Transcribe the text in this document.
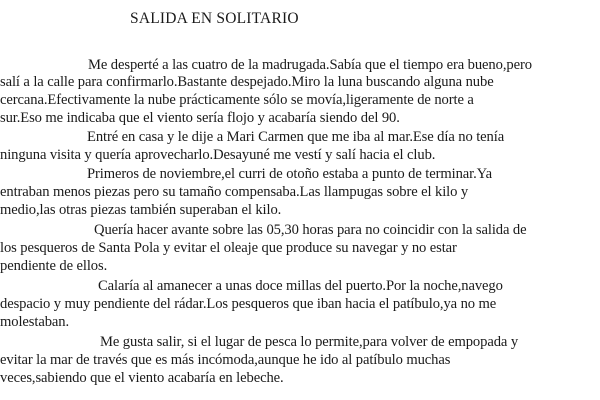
SALIDA EN SOLITARIO
Me desperté a las cuatro de la madrugada.Sabía que el tiempo era bueno,pero
salí a la calle para confirmarlo.Bastante despejado.Miro la luna buscando alguna nube
cercana.Efectivamente la nube prácticamente sólo se movía,ligeramente de norte a
sur.Eso me indicaba que el viento sería flojo y acabaría siendo del 90.
Entré en casa y le dije a Mari Carmen que me iba al mar.Ese día no tenía
ninguna visita y quería aprovecharlo.Desayuné me vestí y salí hacia el club.
Primeros de noviembre,el curri de otoño estaba a punto de terminar.Ya
entraban menos piezas pero su tamaño compensaba.Las llampugas sobre el kilo y
medio,las otras piezas también superaban el kilo.
Quería hacer avante sobre las 05,30 horas para no coincidir con la salida de
los pesqueros de Santa Pola y evitar el oleaje que produce su navegar y no estar
pendiente de ellos.
Calaría al amanecer a unas doce millas del puerto.Por la noche,navego
despacio y muy pendiente del rádar.Los pesqueros que iban hacia el patíbulo,ya no me
molestaban.
Me gusta salir, si el lugar de pesca lo permite,para volver de empopada y
evitar la mar de través que es más incómoda,aunque he ido al patíbulo muchas
veces,sabiendo que el viento acabaría en lebeche.
